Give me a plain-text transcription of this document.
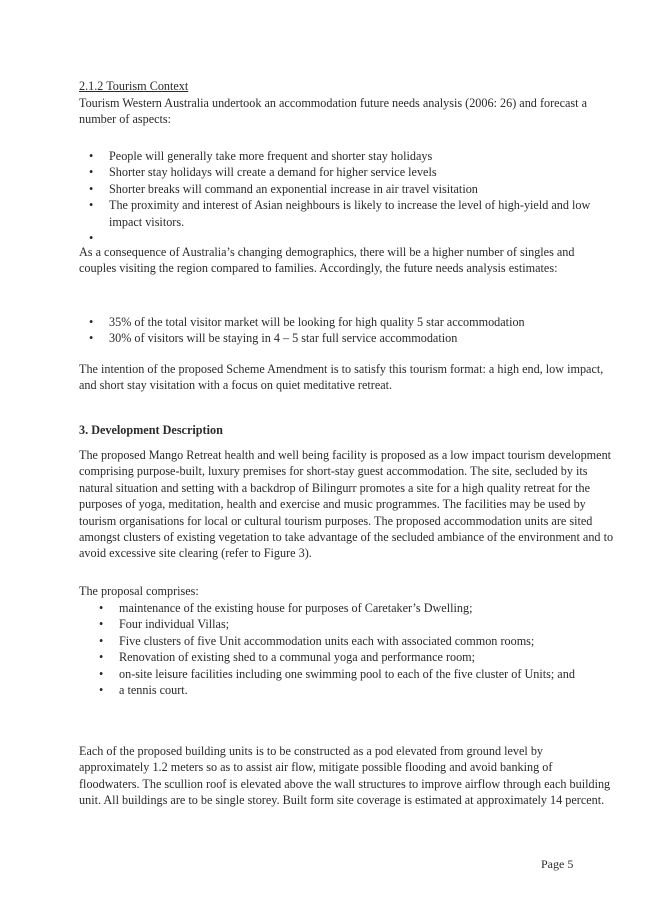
2.1.2 Tourism Context

Tourism Western Australia undertook an accommodation future needs analysis (2006: 26) and forecast a number of aspects:

• People will generally take more frequent and shorter stay holidays
• Shorter stay holidays will create a demand for higher service levels
• Shorter breaks will command an exponential increase in air travel visitation
• The proximity and interest of Asian neighbours is likely to increase the level of high-yield and low impact visitors.
•

As a consequence of Australia’s changing demographics, there will be a higher number of singles and couples visiting the region compared to families. Accordingly, the future needs analysis estimates:

• 35% of the total visitor market will be looking for high quality 5 star accommodation
• 30% of visitors will be staying in 4 – 5 star full service accommodation

The intention of the proposed Scheme Amendment is to satisfy this tourism format: a high end, low impact, and short stay visitation with a focus on quiet meditative retreat.

3. Development Description

The proposed Mango Retreat health and well being facility is proposed as a low impact tourism development comprising purpose-built, luxury premises for short-stay guest accommodation. The site, secluded by its natural situation and setting with a backdrop of Bilingurr promotes a site for a high quality retreat for the purposes of yoga, meditation, health and exercise and music programmes. The facilities may be used by tourism organisations for local or cultural tourism purposes. The proposed accommodation units are sited amongst clusters of existing vegetation to take advantage of the secluded ambiance of the environment and to avoid excessive site clearing (refer to Figure 3).

The proposal comprises:

• maintenance of the existing house for purposes of Caretaker’s Dwelling;
• Four individual Villas;
• Five clusters of five Unit accommodation units each with associated common rooms;
• Renovation of existing shed to a communal yoga and performance room;
• on-site leisure facilities including one swimming pool to each of the five cluster of Units; and
• a tennis court.

Each of the proposed building units is to be constructed as a pod elevated from ground level by approximately 1.2 meters so as to assist air flow, mitigate possible flooding and avoid banking of floodwaters. The scullion roof is elevated above the wall structures to improve airflow through each building unit. All buildings are to be single storey. Built form site coverage is estimated at approximately 14 percent.

Page 5
